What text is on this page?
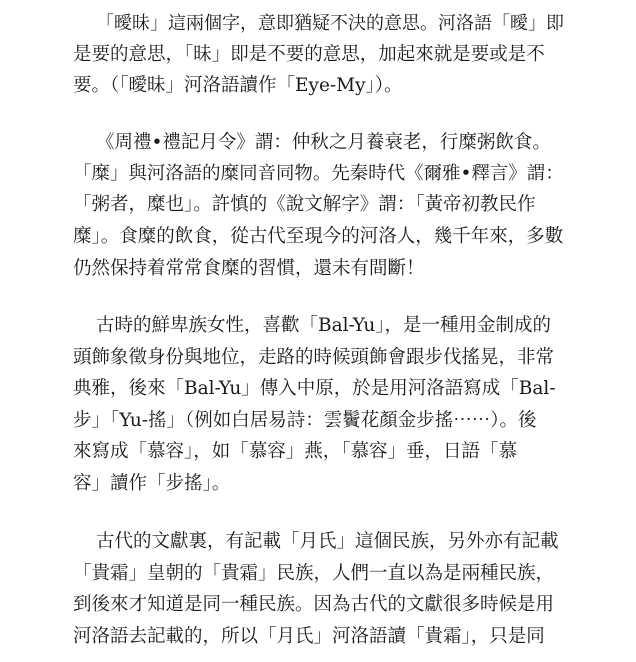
「曖昧」這兩個字，意即猶疑不決的意思。河洛語「曖」即
是要的意思，「昧」即是不要的意思，加起來就是要或是不
要。（「曖昧」河洛語讀作「Eye-My」）。
《周禮•禮記月令》謂：仲秋之月養衰老，行糜粥飲食。
「糜」與河洛語的糜同音同物。先秦時代《爾雅•釋言》謂：
「粥者，糜也」。許慎的《說文解字》謂：「黃帝初教民作
糜」。食糜的飲食，從古代至現今的河洛人，幾千年來，多數
仍然保持着常常食糜的習慣，還未有間斷！
古時的鮮卑族女性，喜歡「Bal-Yu」，是一種用金制成的
頭飾象徵身份與地位，走路的時候頭飾會跟步伐搖晃，非常
典雅，後來「Bal-Yu」傳入中原，於是用河洛語寫成「Bal-
步」「Yu-搖」（例如白居易詩：雲鬢花顏金步搖⋯⋯）。後
來寫成「慕容」，如「慕容」燕，「慕容」垂，日語「慕
容」讀作「步搖」。
古代的文獻裏，有記載「月氏」這個民族，另外亦有記載
「貴霜」皇朝的「貴霜」民族，人們一直以為是兩種民族，
到後來才知道是同一種民族。因為古代的文獻很多時候是用
河洛語去記載的，所以「月氏」河洛語讀「貴霜」，只是同
